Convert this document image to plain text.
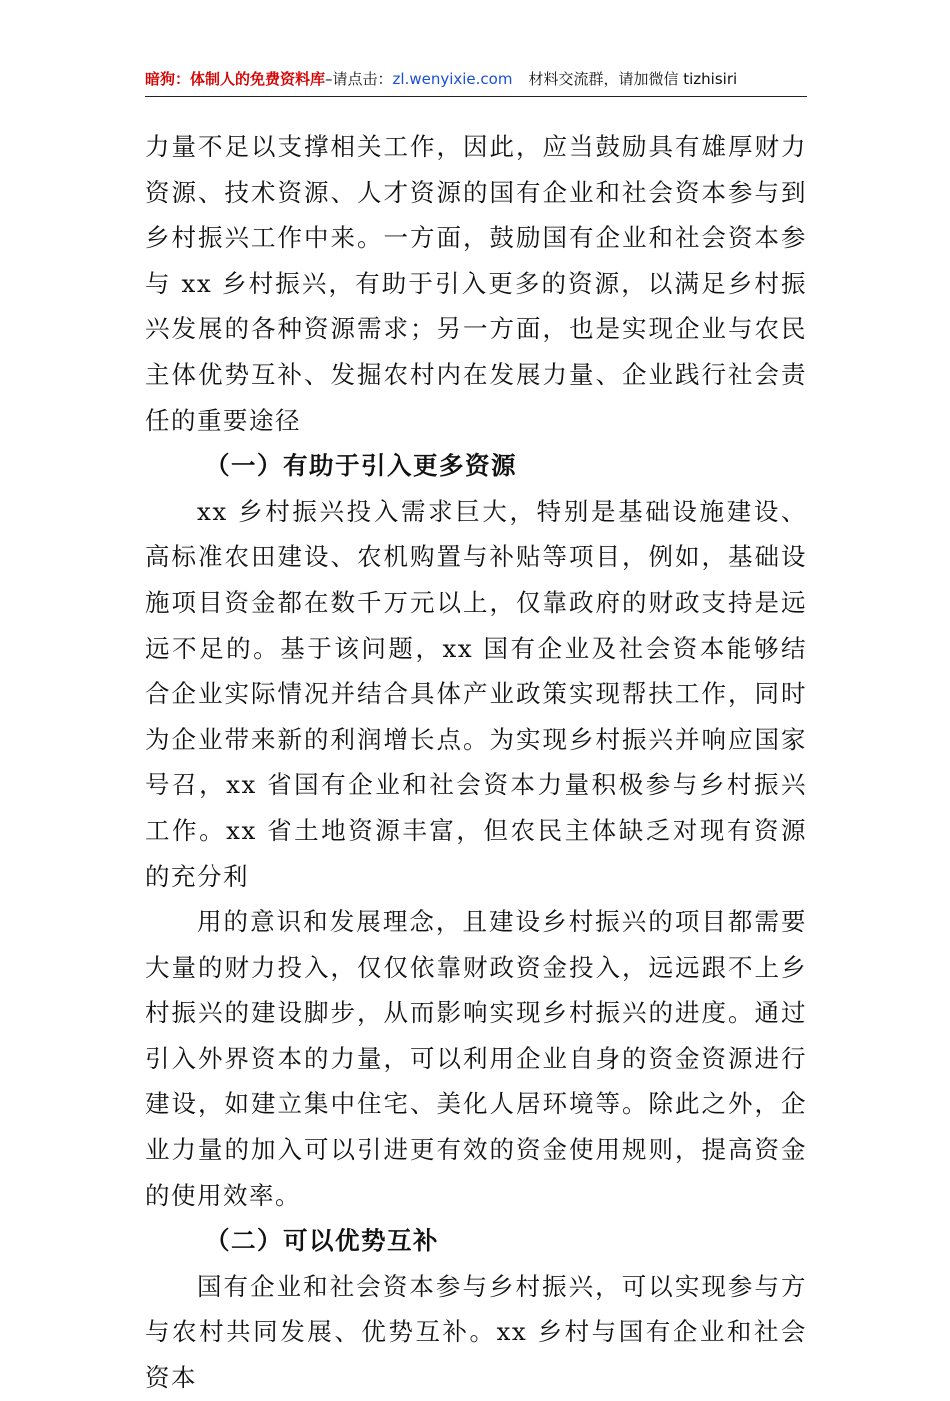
暗狗：体制人的免费资料库–请点击：zl.wenyixie.com 材料交流群，请加微信 tizhisiri

力量不足以支撑相关工作，因此，应当鼓励具有雄厚财力资源、技术资源、人才资源的国有企业和社会资本参与到乡村振兴工作中来。一方面，鼓励国有企业和社会资本参与 xx 乡村振兴，有助于引入更多的资源，以满足乡村振兴发展的各种资源需求；另一方面，也是实现企业与农民主体优势互补、发掘农村内在发展力量、企业践行社会责任的重要途径

（一）有助于引入更多资源

xx 乡村振兴投入需求巨大，特别是基础设施建设、高标准农田建设、农机购置与补贴等项目，例如，基础设施项目资金都在数千万元以上，仅靠政府的财政支持是远远不足的。基于该问题，xx 国有企业及社会资本能够结合企业实际情况并结合具体产业政策实现帮扶工作，同时为企业带来新的利润增长点。为实现乡村振兴并响应国家号召，xx 省国有企业和社会资本力量积极参与乡村振兴工作。xx 省土地资源丰富，但农民主体缺乏对现有资源的充分利

用的意识和发展理念，且建设乡村振兴的项目都需要大量的财力投入，仅仅依靠财政资金投入，远远跟不上乡村振兴的建设脚步，从而影响实现乡村振兴的进度。通过引入外界资本的力量，可以利用企业自身的资金资源进行建设，如建立集中住宅、美化人居环境等。除此之外，企业力量的加入可以引进更有效的资金使用规则，提高资金的使用效率。

（二）可以优势互补

国有企业和社会资本参与乡村振兴，可以实现参与方与农村共同发展、优势互补。xx 乡村与国有企业和社会资本
